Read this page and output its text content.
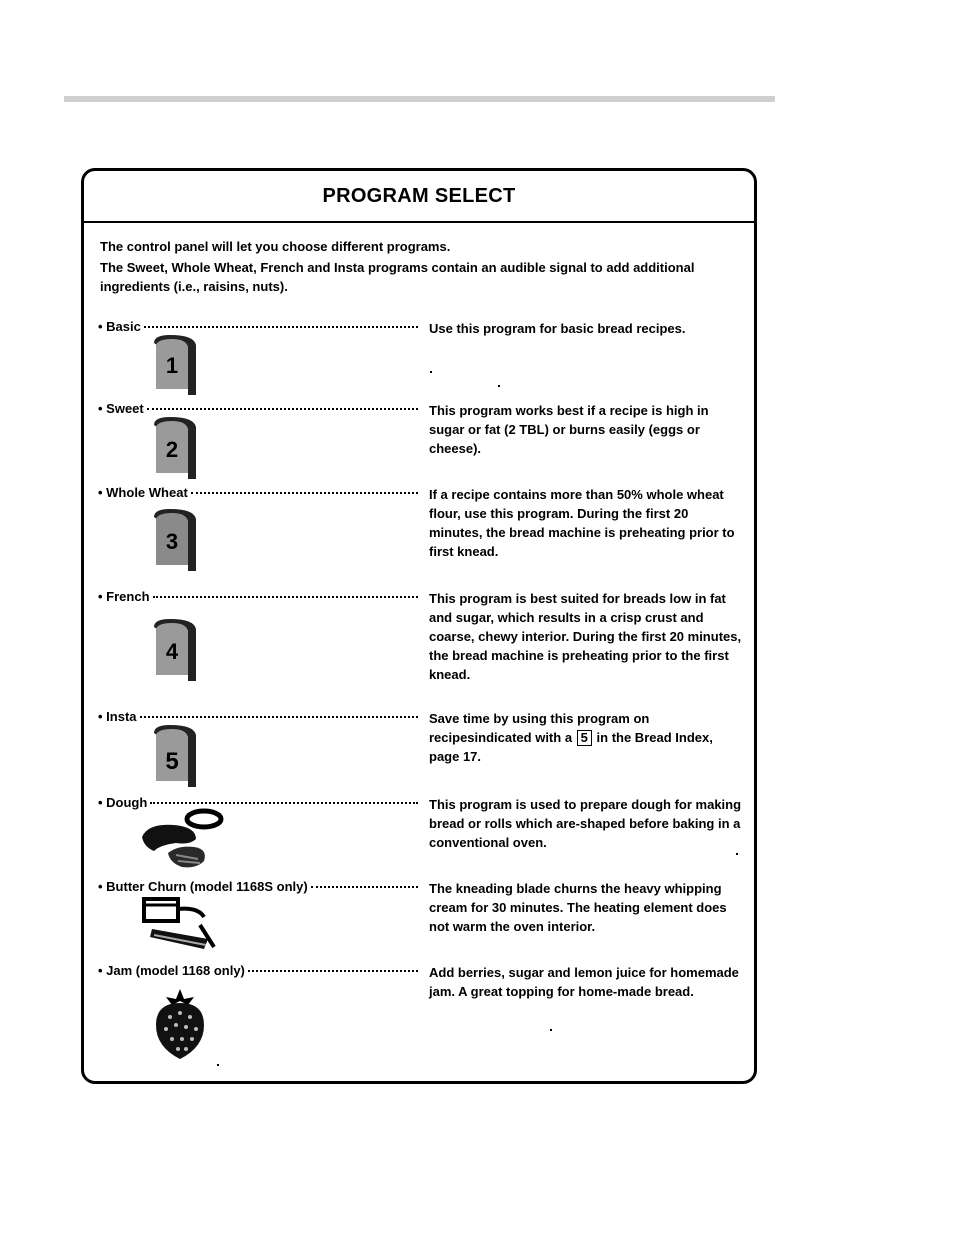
PROGRAM SELECT

The control panel will let you choose different programs.

The Sweet, Whole Wheat, French and Insta programs contain an audible signal to add additional ingredients (i.e., raisins, nuts).

• Basic	Use this program for basic bread recipes.
1
• Sweet	This program works best if a recipe is high in sugar or fat (2 TBL) or burns easily (eggs or cheese).
2
• Whole Wheat	If a recipe contains more than 50% whole wheat flour, use this program. During the first 20 minutes, the bread machine is preheating prior to first knead.
3
• French	This program is best suited for breads low in fat and sugar, which results in a crisp crust and coarse, chewy interior. During the first 20 minutes, the bread machine is preheating prior to the first knead.
4
• Insta	Save time by using this program on recipesindicated with a 5 in the Bread Index, page 17.
5
• Dough	This program is used to prepare dough for making bread or rolls which are-shaped before baking in a conventional oven.
• Butter Churn (model 1168S only)	The kneading blade churns the heavy whipping cream for 30 minutes. The heating element does not warm the oven interior.
• Jam (model 1168 only)	Add berries, sugar and lemon juice for homemade jam. A great topping for home-made bread.
